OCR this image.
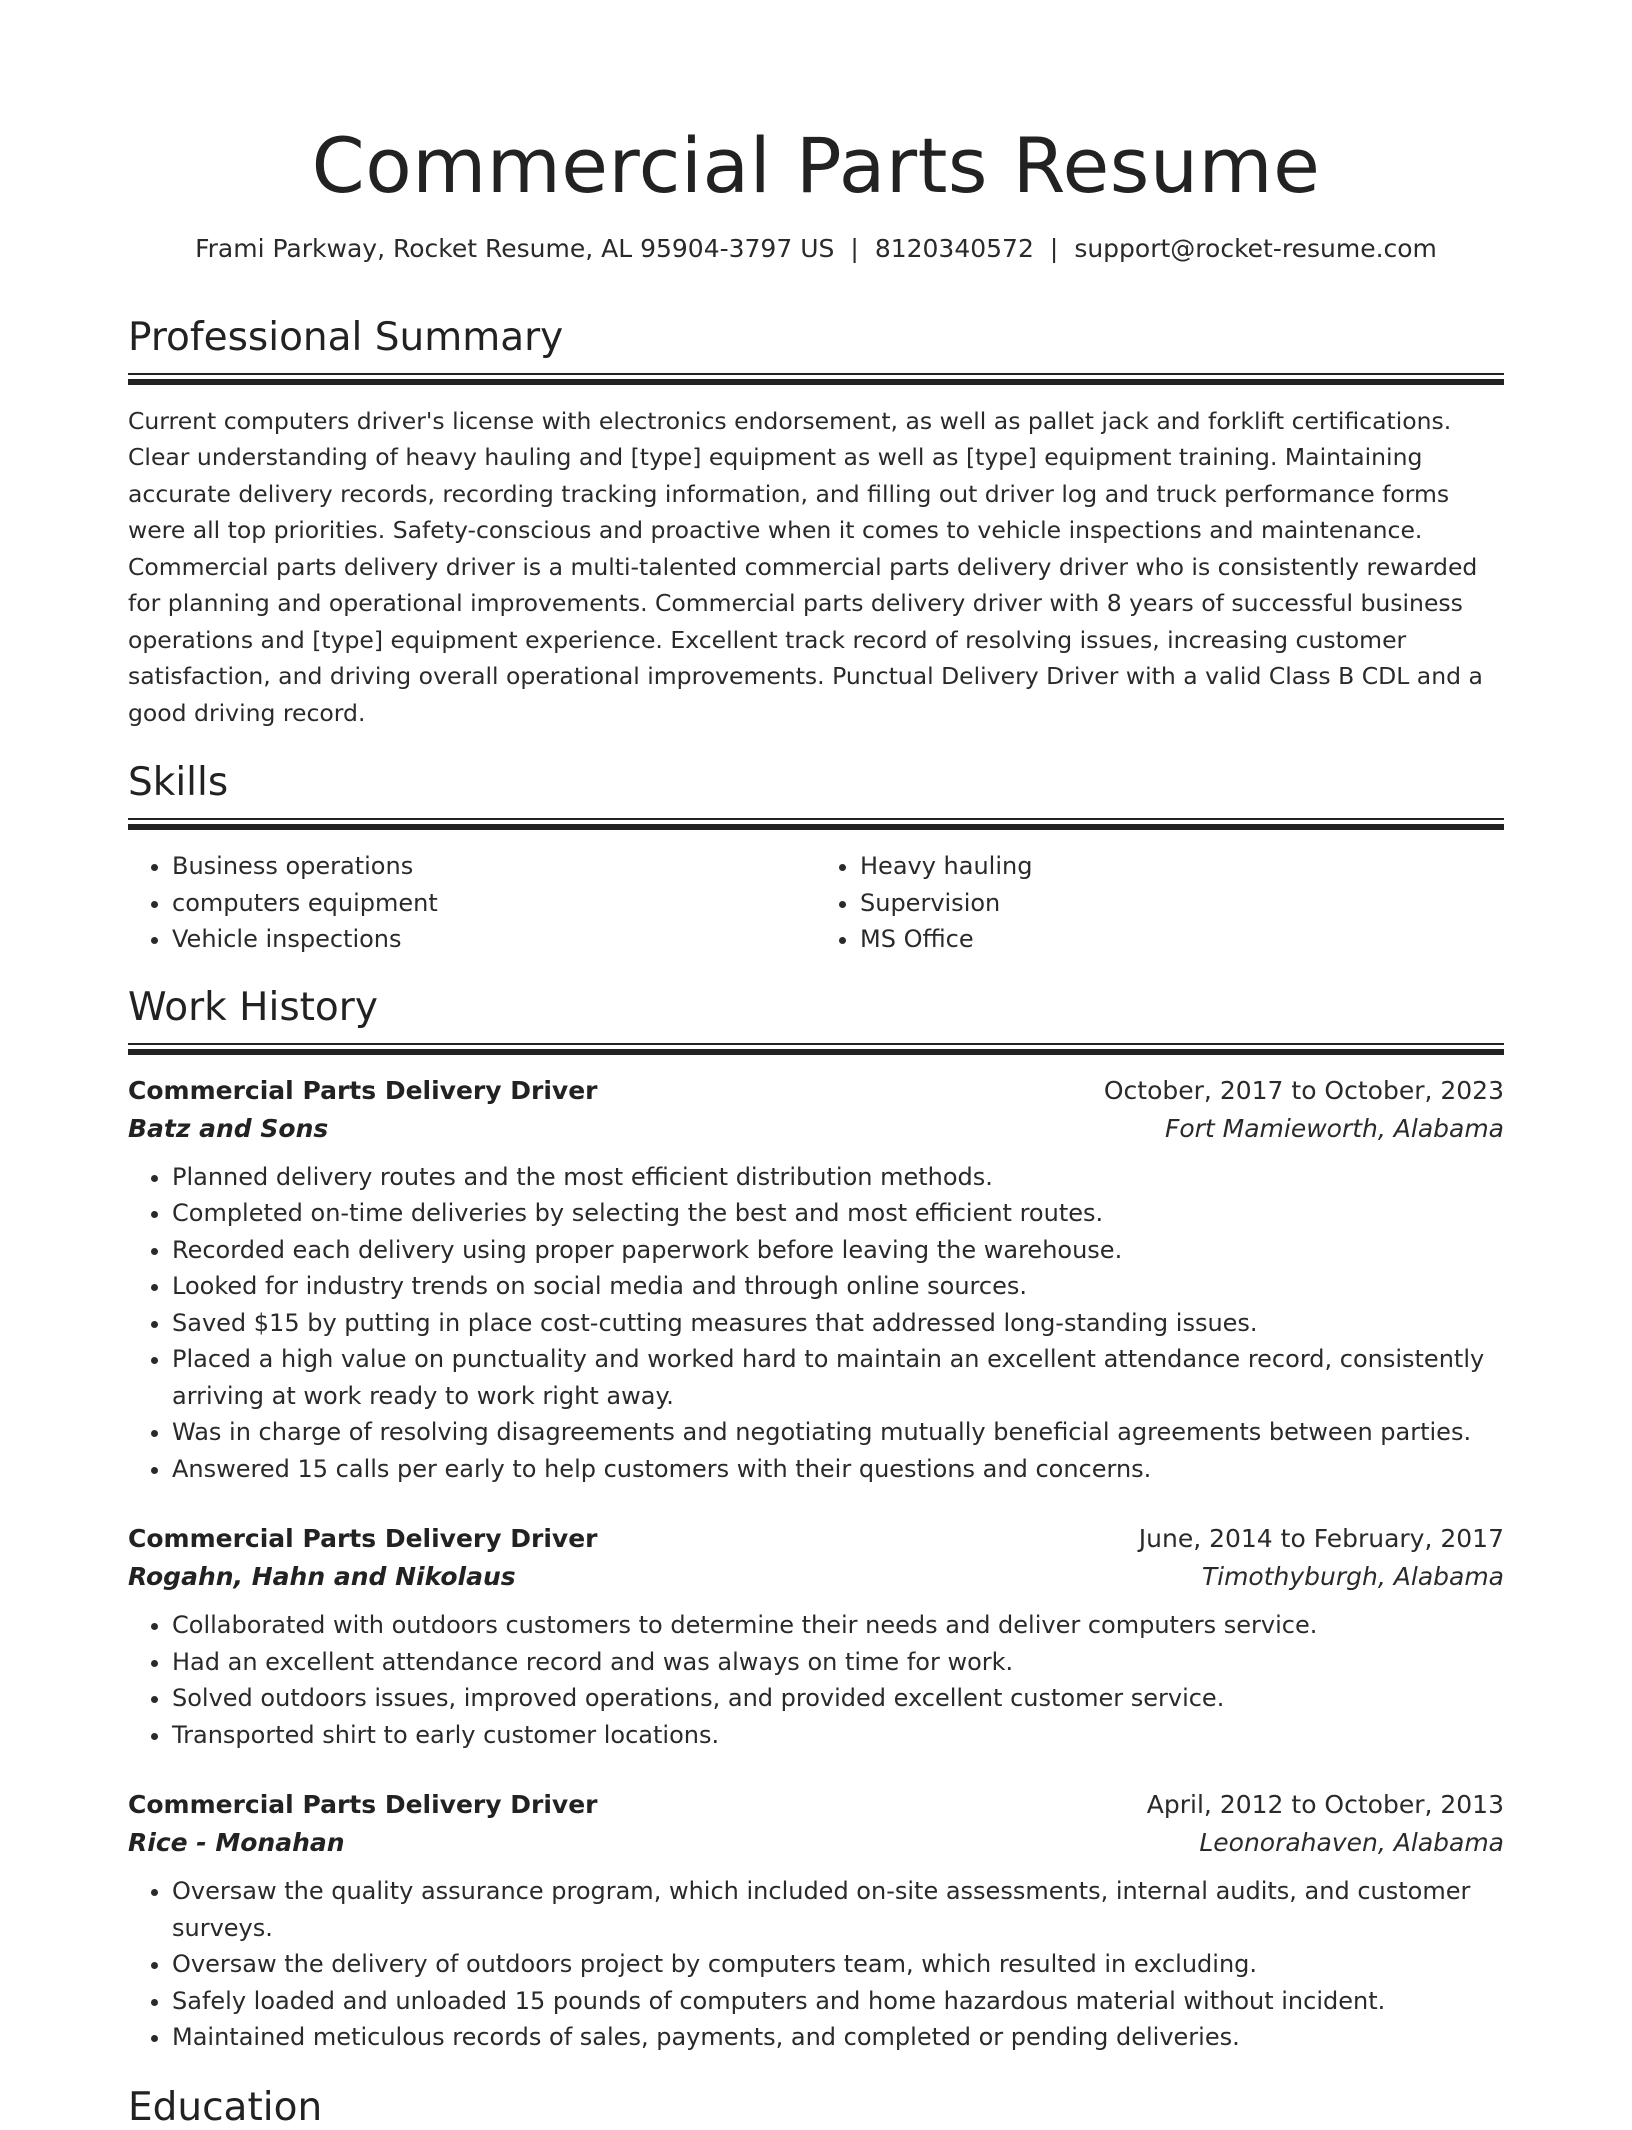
Commercial Parts Resume
Frami Parkway, Rocket Resume, AL 95904-3797 US | 8120340572 | support@rocket-resume.com
Professional Summary

Current computers driver's license with electronics endorsement, as well as pallet jack and forklift certifications. Clear understanding of heavy hauling and [type] equipment as well as [type] equipment training. Maintaining accurate delivery records, recording tracking information, and filling out driver log and truck performance forms were all top priorities. Safety-conscious and proactive when it comes to vehicle inspections and maintenance. Commercial parts delivery driver is a multi-talented commercial parts delivery driver who is consistently rewarded for planning and operational improvements. Commercial parts delivery driver with 8 years of successful business operations and [type] equipment experience. Excellent track record of resolving issues, increasing customer satisfaction, and driving overall operational improvements. Punctual Delivery Driver with a valid Class B CDL and a good driving record.

Skills
• Business operations
• computers equipment
• Vehicle inspections
• Heavy hauling
• Supervision
• MS Office
Work History
Commercial Parts Delivery Driver	October, 2017 to October, 2023
Batz and Sons	Fort Mamieworth, Alabama
• Planned delivery routes and the most efficient distribution methods.
• Completed on-time deliveries by selecting the best and most efficient routes.
• Recorded each delivery using proper paperwork before leaving the warehouse.
• Looked for industry trends on social media and through online sources.
• Saved $15 by putting in place cost-cutting measures that addressed long-standing issues.
• Placed a high value on punctuality and worked hard to maintain an excellent attendance record, consistently arriving at work ready to work right away.
• Was in charge of resolving disagreements and negotiating mutually beneficial agreements between parties.
• Answered 15 calls per early to help customers with their questions and concerns.
Commercial Parts Delivery Driver	June, 2014 to February, 2017
Rogahn, Hahn and Nikolaus	Timothyburgh, Alabama
• Collaborated with outdoors customers to determine their needs and deliver computers service.
• Had an excellent attendance record and was always on time for work.
• Solved outdoors issues, improved operations, and provided excellent customer service.
• Transported shirt to early customer locations.
Commercial Parts Delivery Driver	April, 2012 to October, 2013
Rice - Monahan	Leonorahaven, Alabama
• Oversaw the quality assurance program, which included on-site assessments, internal audits, and customer surveys.
• Oversaw the delivery of outdoors project by computers team, which resulted in excluding.
• Safely loaded and unloaded 15 pounds of computers and home hazardous material without incident.
• Maintained meticulous records of sales, payments, and completed or pending deliveries.
Education
